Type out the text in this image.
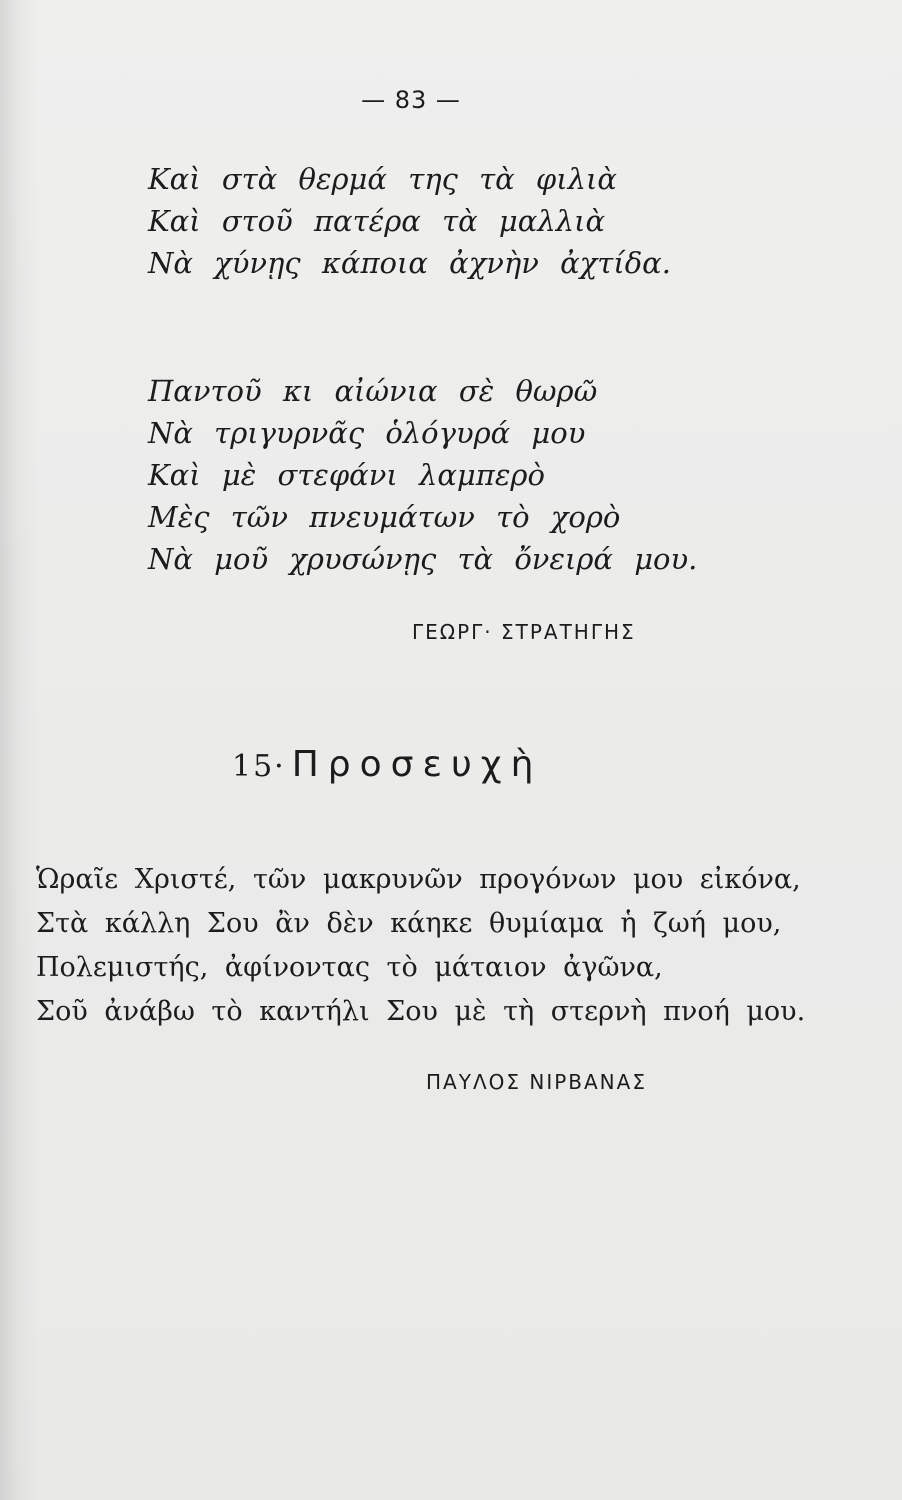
— 83 —
Καὶ στὰ θερμά της τὰ φιλιὰ
Καὶ στοῦ πατέρα τὰ μαλλιὰ
Νὰ χύνῃς κάποια ἀχνὴν ἀχτίδα.
Παντοῦ κι αἰώνια σὲ θωρῶ
Νὰ τριγυρνᾶς ὁλόγυρά μου
Καὶ μὲ στεφάνι λαμπερὸ
Μὲς τῶν πνευμάτων τὸ χορὸ
Νὰ μοῦ χρυσώνῃς τὰ ὄνειρά μου.
ΓΕΩΡΓ· ΣΤΡΑΤΗΓΗΣ
15· Προσευχὴ
Ὡραῖε Χριστέ, τῶν μακρυνῶν προγόνων μου εἰκόνα,
Στὰ κάλλη Σου ἂν δὲν κάηκε θυμίαμα ἡ ζωή μου,
Πολεμιστής, ἀφίνοντας τὸ μάταιον ἀγῶνα,
Σοῦ ἀνάβω τὸ καντήλι Σου μὲ τὴ στερνὴ πνοή μου.
ΠΑΥΛΟΣ ΝΙΡΒΑΝΑΣ
